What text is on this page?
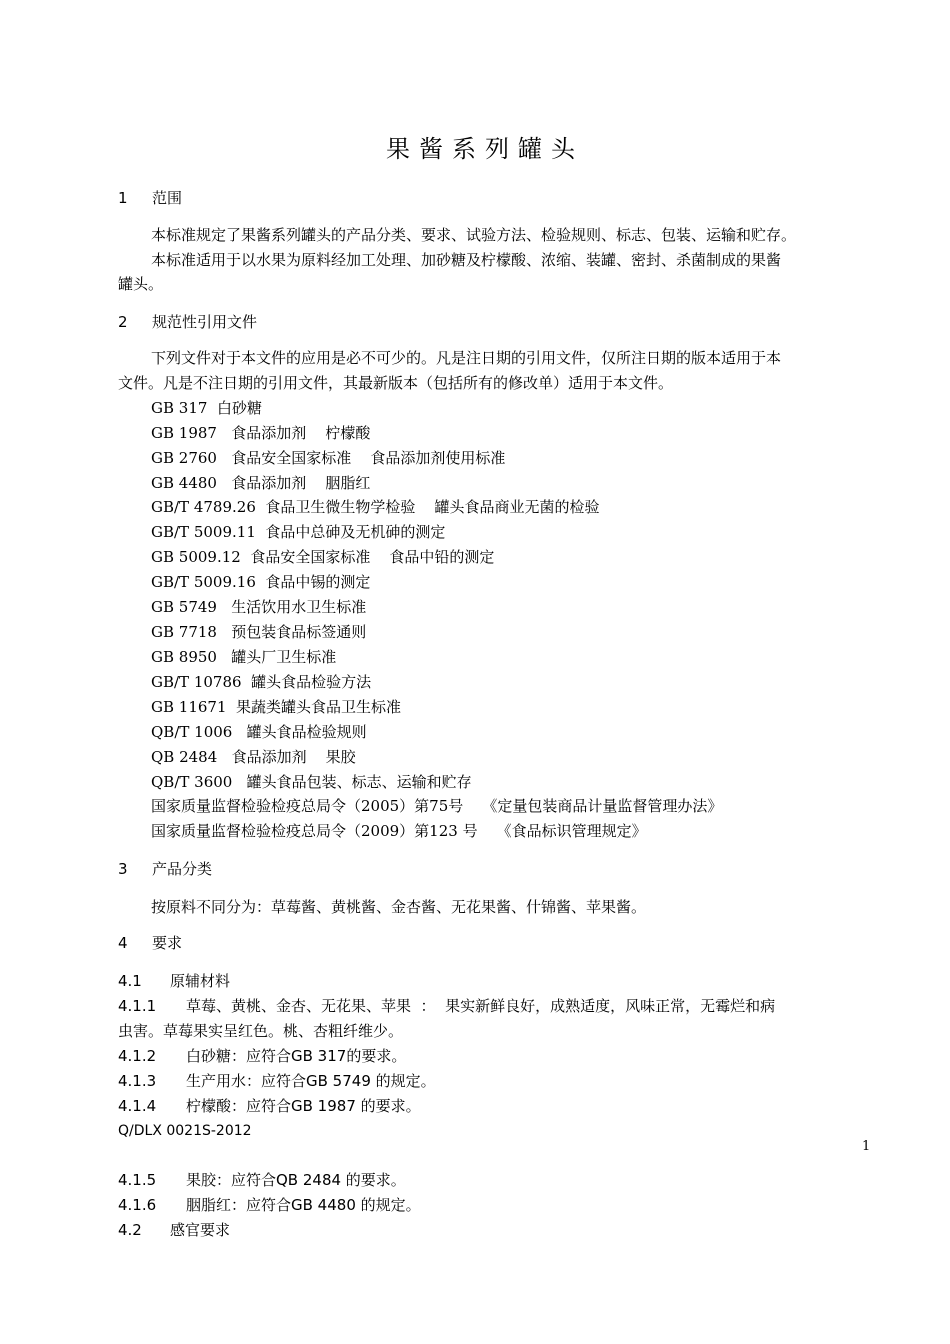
果酱系列罐头
1 范围
本标准规定了果酱系列罐头的产品分类、要求、试验方法、检验规则、标志、包装、运输和贮存。
本标准适用于以水果为原料经加工处理、加砂糖及柠檬酸、浓缩、装罐、密封、杀菌制成的果酱
罐头。
2 规范性引用文件
下列文件对于本文件的应用是必不可少的。凡是注日期的引用文件，仅所注日期的版本适用于本
文件。凡是不注日期的引用文件，其最新版本（包括所有的修改单）适用于本文件。
GB 317  白砂糖
GB 1987   食品添加剂    柠檬酸
GB 2760   食品安全国家标准    食品添加剂使用标准
GB 4480   食品添加剂    胭脂红
GB/T 4789.26  食品卫生微生物学检验    罐头食品商业无菌的检验
GB/T 5009.11  食品中总砷及无机砷的测定
GB 5009.12  食品安全国家标准    食品中铅的测定
GB/T 5009.16  食品中锡的测定
GB 5749   生活饮用水卫生标准
GB 7718   预包装食品标签通则
GB 8950   罐头厂卫生标准
GB/T 10786  罐头食品检验方法
GB 11671  果蔬类罐头食品卫生标准
QB/T 1006   罐头食品检验规则
QB 2484   食品添加剂    果胶
QB/T 3600   罐头食品包装、标志、运输和贮存
国家质量监督检验检疫总局令（2005）第75号    《定量包装商品计量监督管理办法》
国家质量监督检验检疫总局令（2009）第123 号    《食品标识管理规定》
3 产品分类
按原料不同分为：草莓酱、黄桃酱、金杏酱、无花果酱、什锦酱、苹果酱。
4 要求
4.1 原辅材料
4.1.1 草莓、黄桃、金杏、无花果、苹果  ：  果实新鲜良好，成熟适度，风味正常，无霉烂和病
虫害。草莓果实呈红色。桃、杏粗纤维少。
4.1.2 白砂糖：应符合GB 317的要求。
4.1.3 生产用水：应符合GB 5749 的规定。
4.1.4 柠檬酸：应符合GB 1987 的要求。
Q/DLX 0021S-2012
1
4.1.5 果胶：应符合QB 2484 的要求。
4.1.6 胭脂红：应符合GB 4480 的规定。
4.2 感官要求
